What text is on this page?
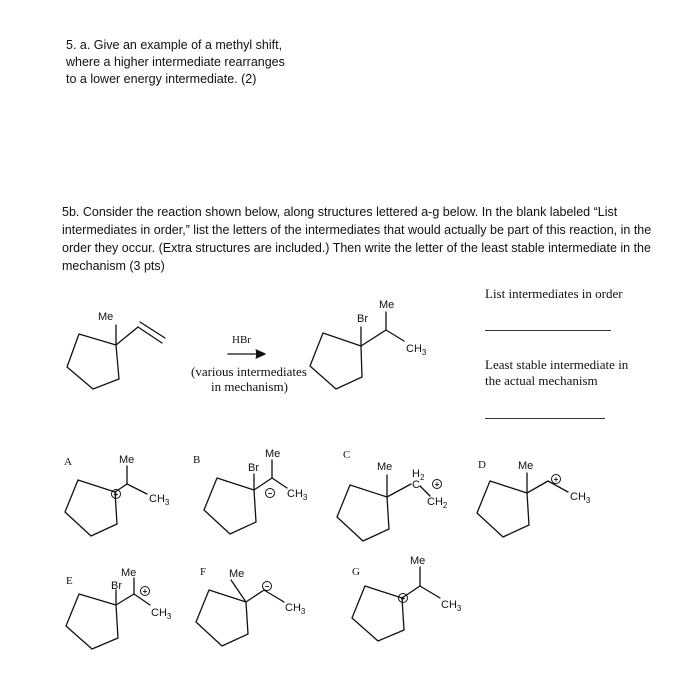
5. a. Give an example of a methyl shift, where a higher intermediate rearranges to a lower energy intermediate. (2)
5b. Consider the reaction shown below, along structures lettered a-g below. In the blank labeled “List intermediates in order,” list the letters of the intermediates that would actually be part of this reaction, in the order they occur. (Extra structures are included.) Then write the letter of the least stable intermediate in the mechanism (3 pts)
List intermediates in order
Least stable intermediate in
the actual mechanism
+	−
+
+
+
−
+
Me
HBr
(various intermediates
in mechanism)
Me
Br
$CH_3$
A	B	C
D
E
F	G
Me
$CH_3$
Me
Br
$CH_3$
Me
$H_2$
C
$CH_2$
Me
$CH_3$
Me
Br
$CH_3$
Me
$CH_3$
Me
$CH_3$
